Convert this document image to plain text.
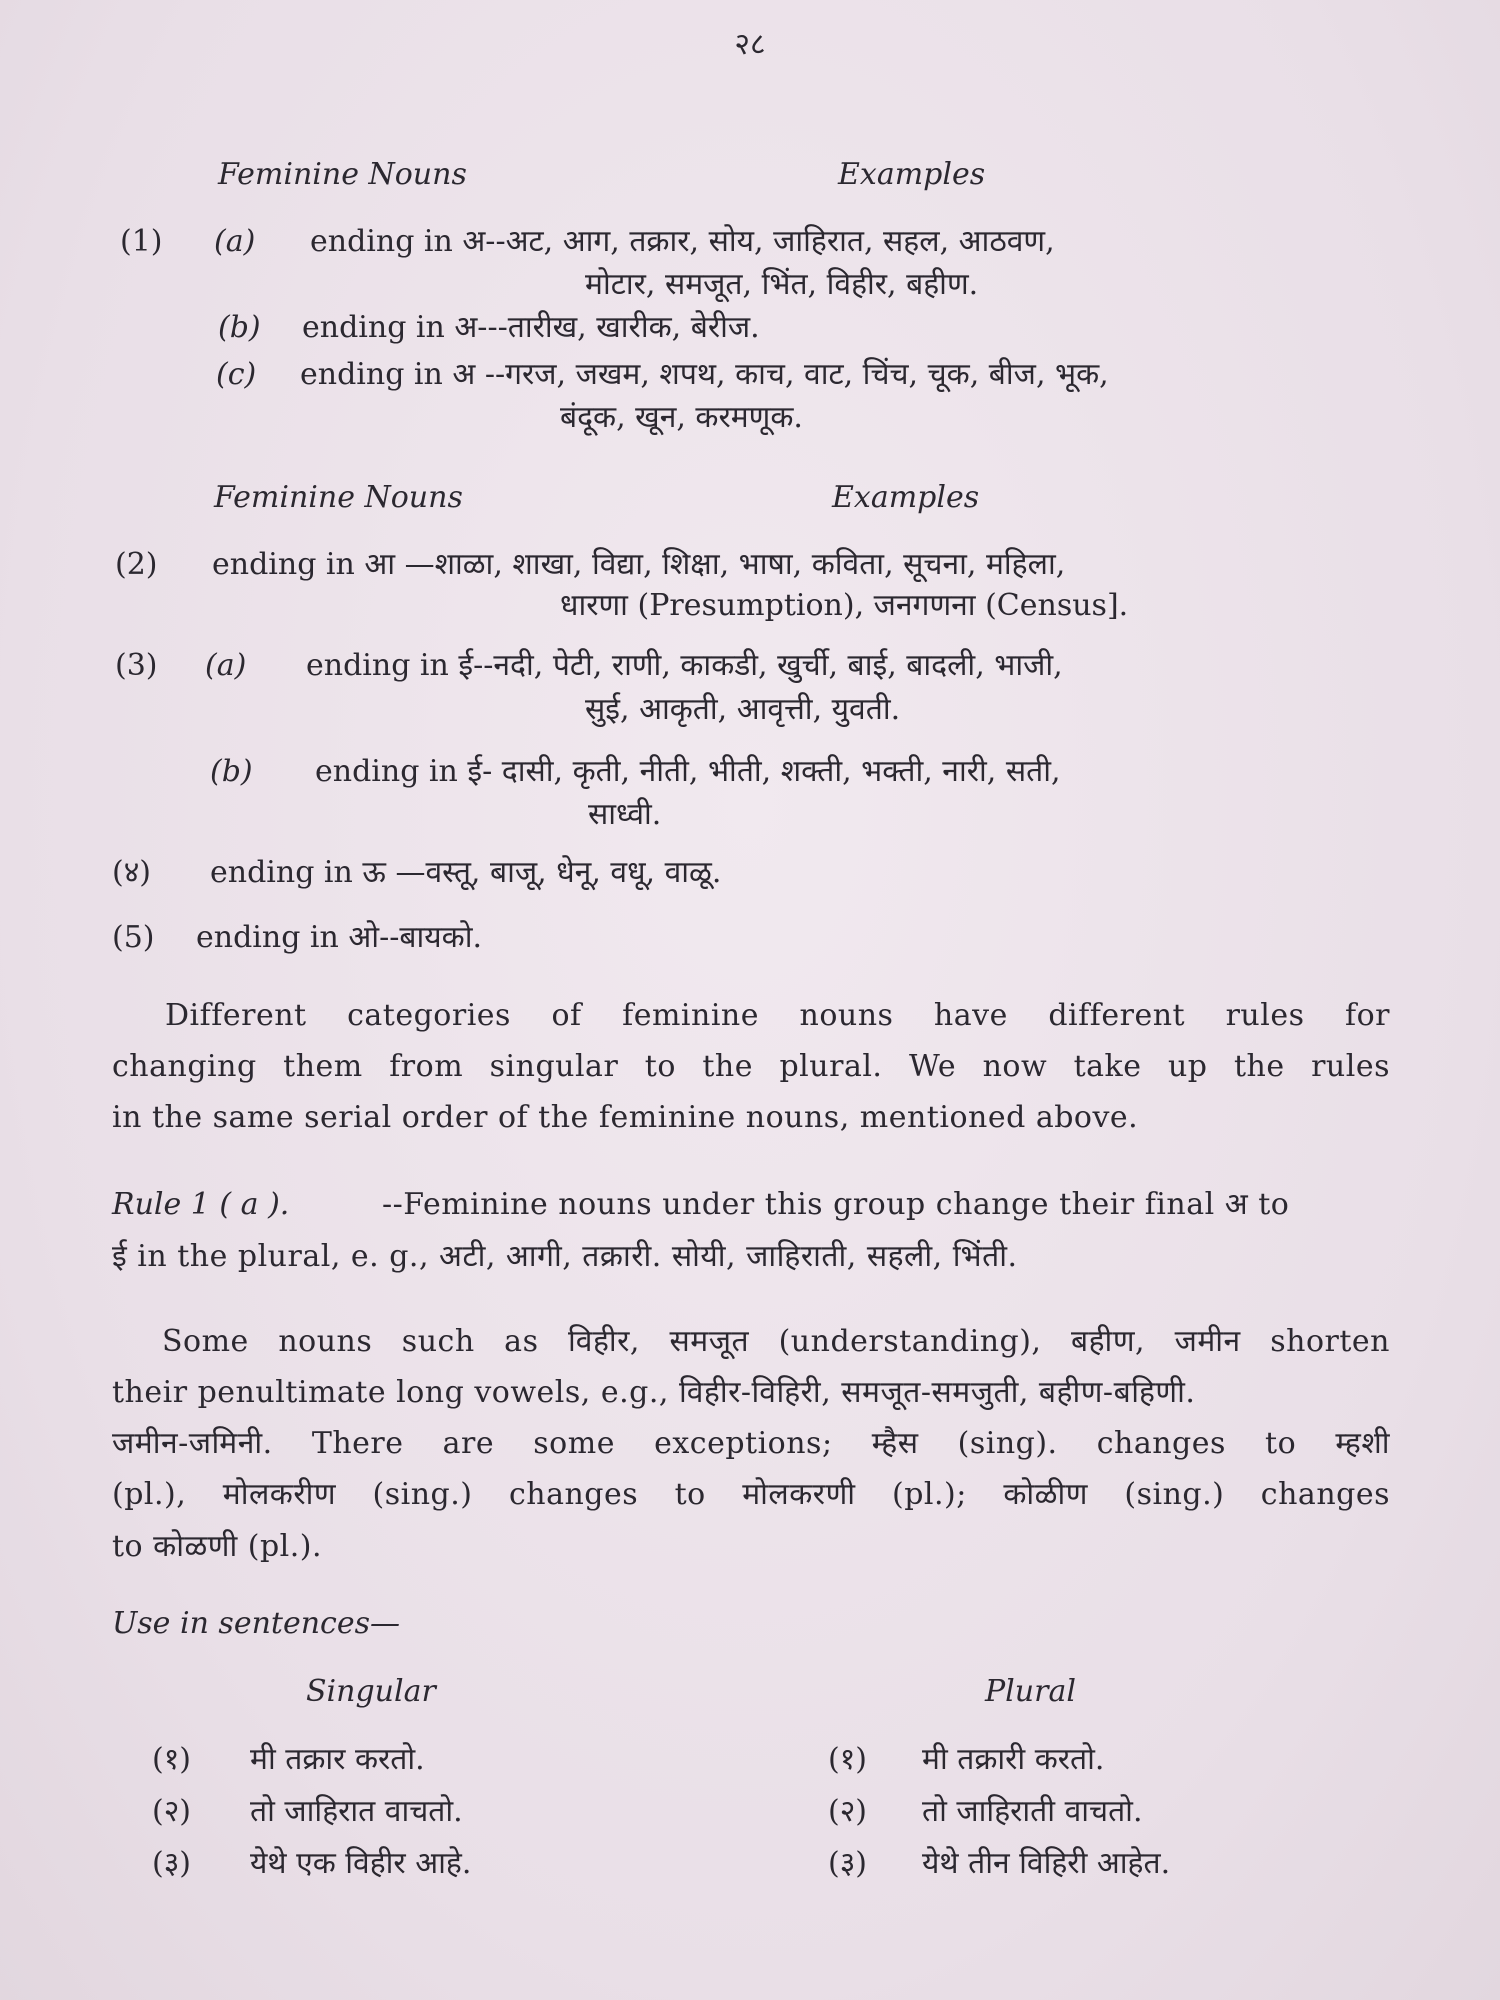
२८
Feminine Nouns	Examples
(1) (a) ending in अ--अट, आग, तक्रार, सोय, जाहिरात, सहल, आठवण,
मोटार, समजूत, भिंत, विहीर, बहीण.
(b) ending in अ---तारीख, खारीक, बेरीज.
(c) ending in अ --गरज, जखम, शपथ, काच, वाट, चिंच, चूक, बीज, भूक,
बंदूक, खून, करमणूक.
Feminine Nouns	Examples
(2) ending in आ —शाळा, शाखा, विद्या, शिक्षा, भाषा, कविता, सूचना, महिला,
धारणा (Presumption), जनगणना (Census].
(3) (a) ending in ई--नदी, पेटी, राणी, काकडी, खुर्ची, बाई, बादली, भाजी,
सुई, आकृती, आवृत्ती, युवती.
(b) ending in ई- दासी, कृती, नीती, भीती, शक्ती, भक्ती, नारी, सती,
साध्वी.
(४) ending in ऊ —वस्तू, बाजू, धेनू, वधू, वाळू.
(5) ending in ओ--बायको.
Different categories of feminine nouns have different rules for
changing them from singular to the plural. We now take up the rules
in the same serial order of the feminine nouns, mentioned above.
Rule 1 ( a ).	--Feminine nouns under this group change their final अ to
ई in the plural, e. g., अटी, आगी, तक्रारी. सोयी, जाहिराती, सहली, भिंती.
Some nouns such as विहीर, समजूत (understanding), बहीण, जमीन shorten
their penultimate long vowels, e.g., विहीर-विहिरी, समजूत-समजुती, बहीण-बहिणी.
जमीन-जमिनी. There are some exceptions; म्हैस (sing). changes to म्हशी
(pl.), मोलकरीण (sing.) changes to मोलकरणी (pl.); कोळीण (sing.) changes
to कोळणी (pl.).
Use in sentences—
Singular	Plural
(१) मी तक्रार करतो.	(१) मी तक्रारी करतो.
(२) तो जाहिरात वाचतो.	(२) तो जाहिराती वाचतो.
(३) येथे एक विहीर आहे.	(३) येथे तीन विहिरी आहेत.
